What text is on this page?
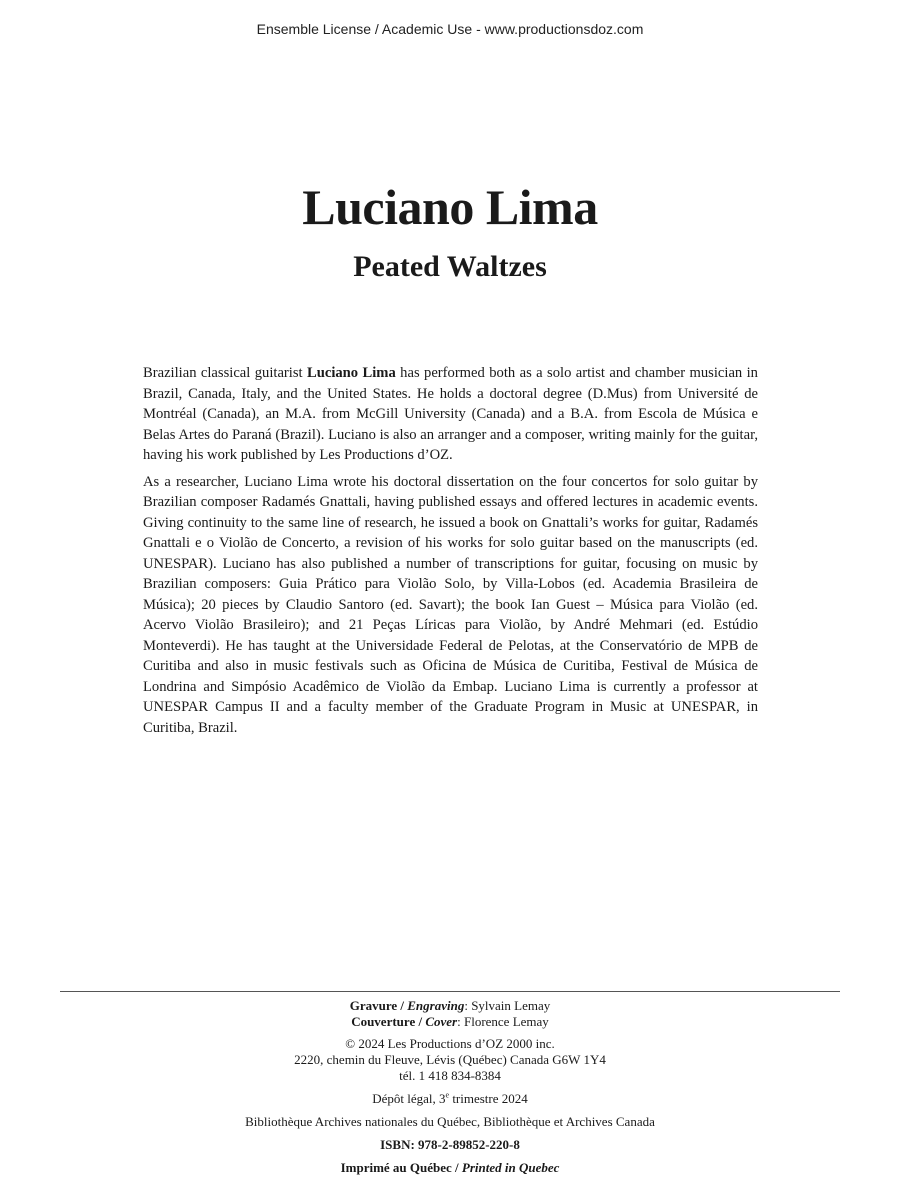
Ensemble License / Academic Use - www.productionsdoz.com
Luciano Lima
Peated Waltzes

Brazilian classical guitarist Luciano Lima has performed both as a solo artist and chamber musician in Brazil, Canada, Italy, and the United States. He holds a doctoral degree (D.Mus) from Université de Montréal (Canada), an M.A. from McGill University (Canada) and a B.A. from Escola de Música e Belas Artes do Paraná (Brazil). Luciano is also an arranger and a composer, writing mainly for the guitar, having his work published by Les Productions d’OZ.

As a researcher, Luciano Lima wrote his doctoral dissertation on the four concertos for solo guitar by Brazilian composer Radamés Gnattali, having published essays and offered lectures in academic events. Giving continuity to the same line of research, he issued a book on Gnattali’s works for guitar, Radamés Gnattali e o Violão de Concerto, a revision of his works for solo guitar based on the manuscripts (ed. UNESPAR). Luciano has also published a number of transcriptions for guitar, focusing on music by Brazilian composers: Guia Prático para Violão Solo, by Villa-Lobos (ed. Academia Brasileira de Música); 20 pieces by Claudio Santoro (ed. Savart); the book Ian Guest – Música para Violão (ed. Acervo Violão Brasileiro); and 21 Peças Líricas para Violão, by André Mehmari (ed. Estúdio Monteverdi). He has taught at the Universidade Federal de Pelotas, at the Conservatório de MPB de Curitiba and also in music festivals such as Oficina de Música de Curitiba, Festival de Música de Londrina and Simpósio Acadêmico de Violão da Embap. Luciano Lima is currently a professor at UNESPAR Campus II and a faculty member of the Graduate Program in Music at UNESPAR, in Curitiba, Brazil.

Gravure / Engraving: Sylvain Lemay
Couverture / Cover: Florence Lemay
© 2024 Les Productions d’OZ 2000 inc.
2220, chemin du Fleuve, Lévis (Québec) Canada G6W 1Y4
tél. 1 418 834-8384
Dépôt légal, 3e trimestre 2024
Bibliothèque Archives nationales du Québec, Bibliothèque et Archives Canada
ISBN: 978-2-89852-220-8
Imprimé au Québec / Printed in Quebec
